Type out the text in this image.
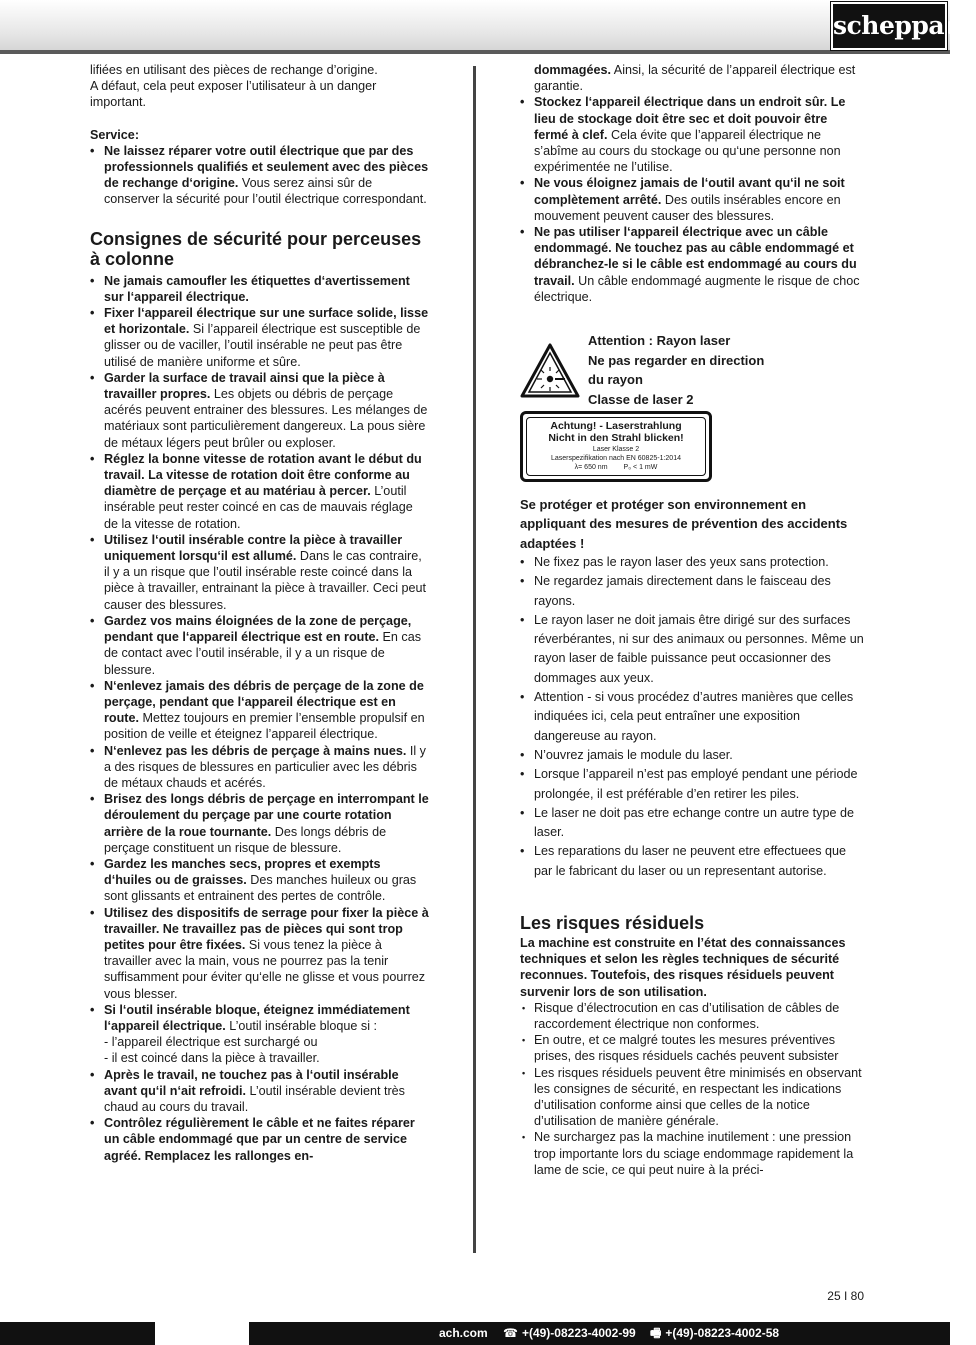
scheppach

lifiées en utilisant des pièces de rechange d’origine.

A défaut, cela peut exposer l’utilisateur à un danger

important.

Service:

• Ne laissez réparer votre outil électrique que par des professionnels qualifiés et seulement avec des pièces de rechange d‘origine. Vous serez ainsi sûr de conserver la sécurité pour l’outil électrique correspondant.
Consignes de sécurité pour perceuses à colonne
• Ne jamais camoufler les étiquettes d‘avertissement sur l‘appareil électrique.
• Fixer l‘appareil électrique sur une surface solide, lisse et horizontale. Si l’appareil électrique est susceptible de glisser ou de vaciller, l’outil insérable ne peut pas être utilisé de manière uniforme et sûre.
• Garder la surface de travail ainsi que la pièce à travailler propres. Les objets ou débris de perçage acérés peuvent entrainer des blessures. Les mélanges de matériaux sont particulièrement dangereux. La pous sière de métaux légers peut brûler ou exploser.
• Réglez la bonne vitesse de rotation avant le début du travail. La vitesse de rotation doit être conforme au diamètre de perçage et au matériau à percer. L’outil insérable peut rester coincé en cas de mauvais réglage de la vitesse de rotation.
• Utilisez l‘outil insérable contre la pièce à travailler uniquement lorsqu‘il est allumé. Dans le cas contraire, il y a un risque que l’outil insérable reste coincé dans la pièce à travailler, entrainant la pièce à travailler. Ceci peut causer des blessures.
• Gardez vos mains éloignées de la zone de perçage, pendant que l‘appareil électrique est en route. En cas de contact avec l’outil insérable, il y a un risque de blessure.
• N‘enlevez jamais des débris de perçage de la zone de perçage, pendant que l‘appareil électrique est en route. Mettez toujours en premier l’ensemble propulsif en position de veille et éteignez l’appareil électrique.
• N‘enlevez pas les débris de perçage à mains nues. Il y a des risques de blessures en particulier avec les débris de métaux chauds et acérés.
• Brisez des longs débris de perçage en interrompant le déroulement du perçage par une courte rotation arrière de la roue tournante. Des longs débris de perçage constituent un risque de blessure.
• Gardez les manches secs, propres et exempts d‘huiles ou de graisses. Des manches huileux ou gras sont glissants et entrainent des pertes de contrôle.
• Utilisez des dispositifs de serrage pour fixer la pièce à travailler. Ne travaillez pas de pièces qui sont trop petites pour être fixées. Si vous tenez la pièce à travailler avec la main, vous ne pourrez pas la tenir suffisamment pour éviter qu‘elle ne glisse et vous pourrez vous blesser.
• Si l‘outil insérable bloque, éteignez immédiatement l‘appareil électrique. L’outil insérable bloque si :
- l’appareil électrique est surchargé ou
- il est coincé dans la pièce à travailler.
• Après le travail, ne touchez pas à l‘outil insérable avant qu‘il n‘ait refroidi. L’outil insérable devient très chaud au cours du travail.
• Contrôlez régulièrement le câble et ne faites réparer un câble endommagé que par un centre de service agréé. Remplacez les rallonges en-

dommagées. Ainsi, la sécurité de l’appareil électrique est garantie.

• Stockez l‘appareil électrique dans un endroit sûr. Le lieu de stockage doit être sec et doit pouvoir être fermé à clef. Cela évite que l’appareil électrique ne s’abîme au cours du stockage ou qu‘une personne non expérimentée ne l’utilise.
• Ne vous éloignez jamais de l‘outil avant qu‘il ne soit complètement arrêté. Des outils insérables encore en mouvement peuvent causer des blessures.
• Ne pas utiliser l‘appareil électrique avec un câble endommagé. Ne touchez pas au câble endommagé et débranchez-le si le câble est endommagé au cours du travail. Un câble endommagé augmente le risque de choc électrique.
Attention : Rayon laser
Ne pas regarder en direction
du rayon
Classe de laser 2
Achtung! - Laserstrahlung
Nicht in den Strahl blicken!
Laser Klasse 2
Laserspezifikation nach EN 60825-1:2014
λ= 650 nm P₀ < 1 mW

Se protéger et protéger son environnement en appliquant des mesures de prévention des accidents adaptées !

• Ne fixez pas le rayon laser des yeux sans protection.
• Ne regardez jamais directement dans le faisceau des rayons.
• Le rayon laser ne doit jamais être dirigé sur des surfaces réverbérantes, ni sur des animaux ou personnes. Même un rayon laser de faible puissance peut occasionner des dommages aux yeux.
• Attention - si vous procédez d’autres manières que celles indiquées ici, cela peut entraîner une exposition dangereuse au rayon.
• N’ouvrez jamais le module du laser.
• Lorsque l’appareil n’est pas employé pendant une période prolongée, il est préférable d’en retirer les piles.
• Le laser ne doit pas etre echange contre un autre type de laser.
• Les reparations du laser ne peuvent etre effectuees que par le fabricant du laser ou un representant autorise.
Les risques résiduels

La machine est construite en l’état des connaissances techniques et selon les règles techniques de sécurité reconnues. Toutefois, des risques résiduels peuvent survenir lors de son utilisation.

• Risque d’électrocution en cas d’utilisation de câbles de raccordement électrique non conformes.
• En outre, et ce malgré toutes les mesures préventives prises, des risques résiduels cachés peuvent subsister
• Les risques résiduels peuvent être minimisés en observant les consignes de sécurité, en respectant les indications d’utilisation conforme ainsi que celles de la notice d’utilisation de manière générale.
• Ne surchargez pas la machine inutilement : une pression trop importante lors du sciage endommage rapidement la lame de scie, ce qui peut nuire à la préci-
25 I 80
ach.com ☎ +(49)-08223-4002-99 🖷 +(49)-08223-4002-58
